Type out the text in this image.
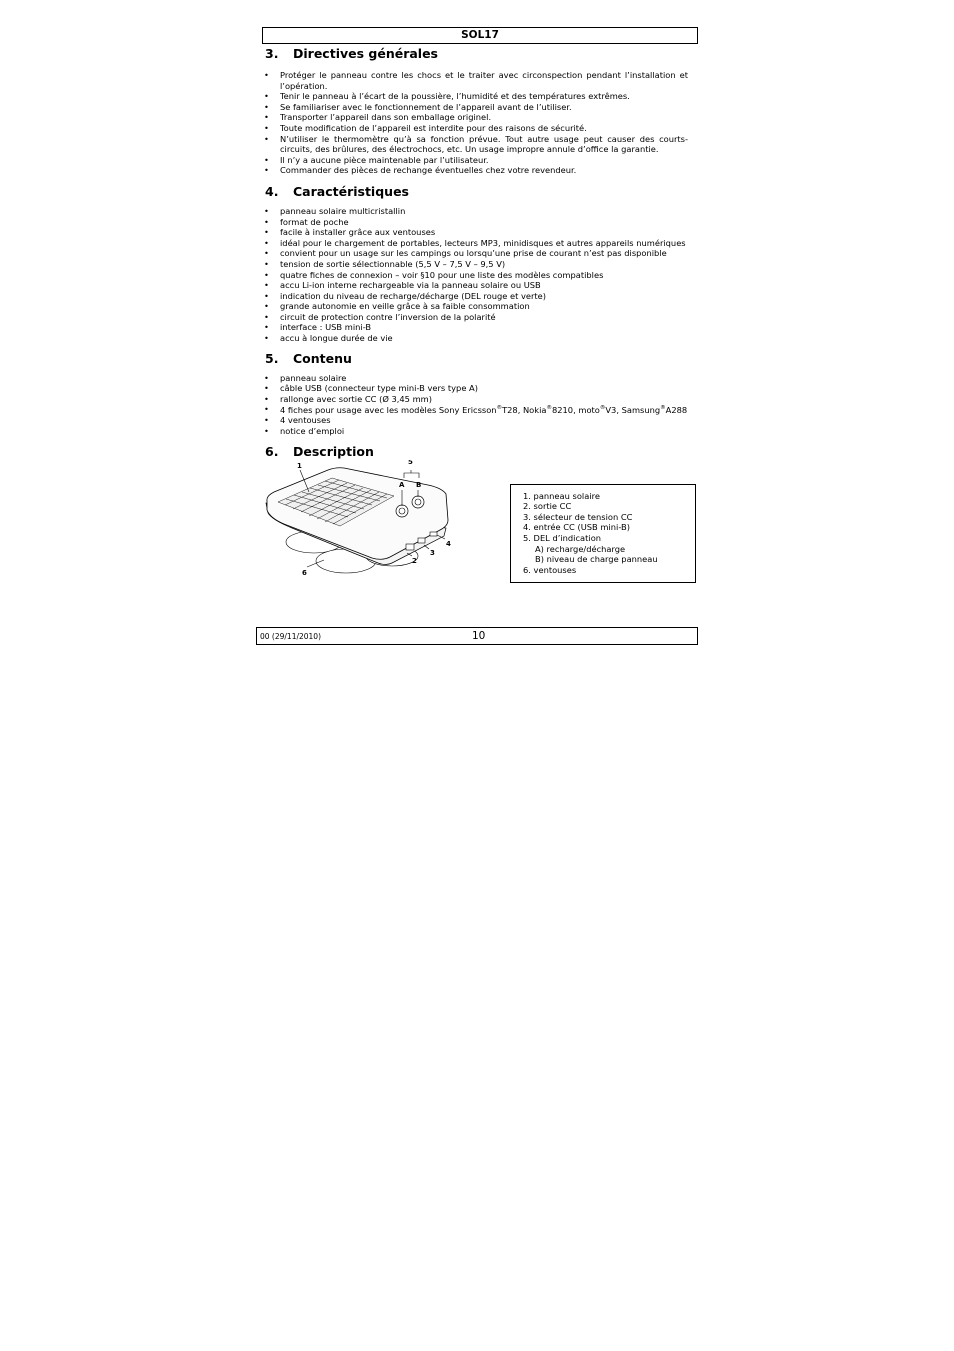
SOL17
3. Directives générales
• Protéger le panneau contre les chocs et le traiter avec circonspection pendant l’installation et l’opération.
• Tenir le panneau à l’écart de la poussière, l’humidité et des températures extrêmes.
• Se familiariser avec le fonctionnement de l’appareil avant de l’utiliser.
• Transporter l’appareil dans son emballage originel.
• Toute modification de l’appareil est interdite pour des raisons de sécurité.
• N’utiliser le thermomètre qu’à sa fonction prévue. Tout autre usage peut causer des courts-circuits, des brûlures, des électrochocs, etc. Un usage impropre annule d’office la garantie.
• Il n’y a aucune pièce maintenable par l’utilisateur.
• Commander des pièces de rechange éventuelles chez votre revendeur.
4. Caractéristiques
• panneau solaire multicristallin
• format de poche
• facile à installer grâce aux ventouses
• idéal pour le chargement de portables, lecteurs MP3, minidisques et autres appareils numériques
• convient pour un usage sur les campings ou lorsqu’une prise de courant n’est pas disponible
• tension de sortie sélectionnable (5,5 V – 7,5 V – 9,5 V)
• quatre fiches de connexion – voir §10 pour une liste des modèles compatibles
• accu Li-ion interne rechargeable via la panneau solaire ou USB
• indication du niveau de recharge/décharge (DEL rouge et verte)
• grande autonomie en veille grâce à sa faible consommation
• circuit de protection contre l’inversion de la polarité
• interface : USB mini-B
• accu à longue durée de vie
5. Contenu
• panneau solaire
• câble USB (connecteur type mini-B vers type A)
• rallonge avec sortie CC (Ø 3,45 mm)
• 4 fiches pour usage avec les modèles Sony Ericsson®T28, Nokia®8210, moto®V3, Samsung®A288
• 4 ventouses
• notice d’emploi
6. Description
1
2
3
4
5
6
A B
1. panneau solaire
2. sortie CC
3. sélecteur de tension CC
4. entrée CC (USB mini-B)
5. DEL d’indication
A) recharge/décharge
B) niveau de charge panneau
6. ventouses
00 (29/11/2010)	10
